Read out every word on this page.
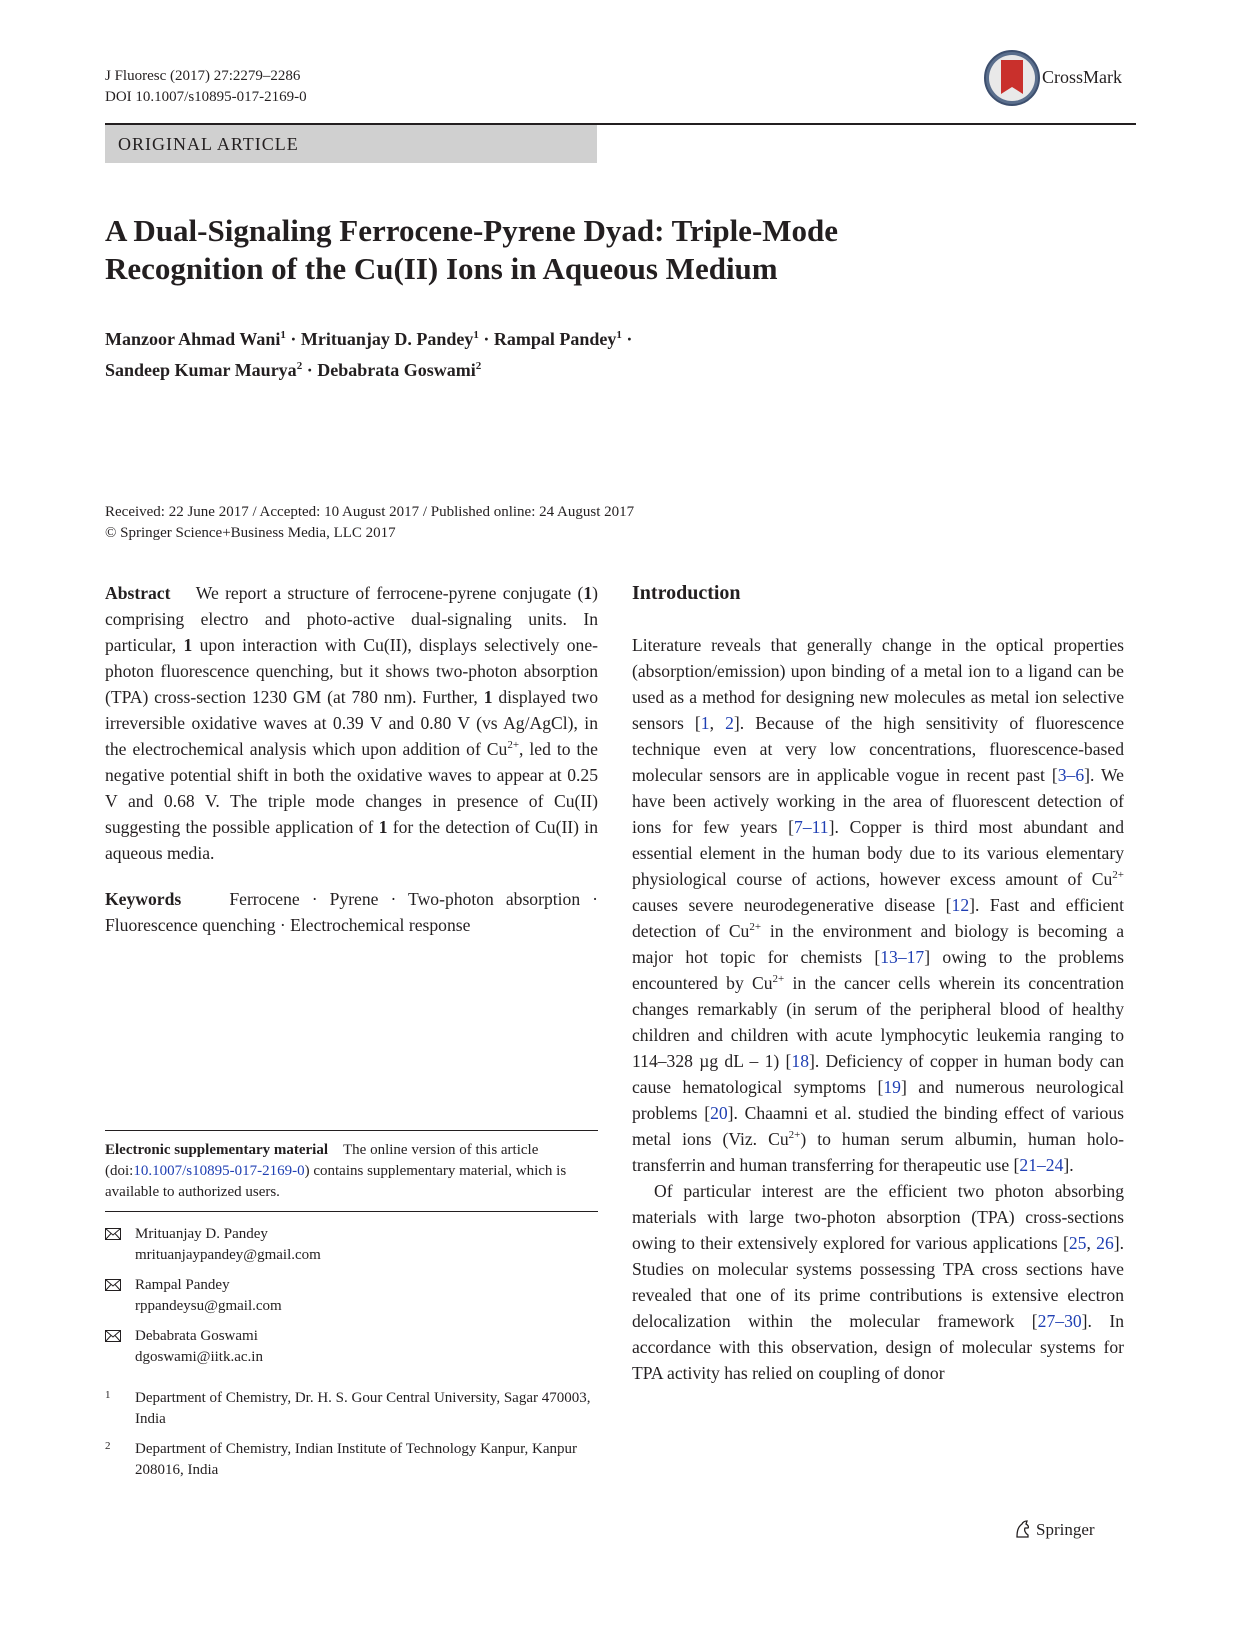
J Fluoresc (2017) 27:2279–2286
DOI 10.1007/s10895-017-2169-0
CrossMark
ORIGINAL ARTICLE
A Dual-Signaling Ferrocene-Pyrene Dyad: Triple-Mode
Recognition of the Cu(II) Ions in Aqueous Medium
Manzoor Ahmad Wani$^1$ · Mrituanjay D. Pandey$^1$ · Rampal Pandey$^1$ ·
Sandeep Kumar Maurya$^2$ · Debabrata Goswami$^2$
Received: 22 June 2017 / Accepted: 10 August 2017 / Published online: 24 August 2017
© Springer Science+Business Media, LLC 2017

Abstract We report a structure of ferrocene-pyrene conjugate (1) comprising electro and photo-active dual-signaling units. In particular, 1 upon interaction with Cu(II), displays selectively one-photon fluorescence quenching, but it shows two-photon absorption (TPA) cross-section 1230 GM (at 780 nm). Further, 1 displayed two irreversible oxidative waves at 0.39 V and 0.80 V (vs Ag/AgCl), in the electrochemical analysis which upon addition of $Cu^{2+}$, led to the negative potential shift in both the oxidative waves to appear at 0.25 V and 0.68 V. The triple mode changes in presence of Cu(II) suggesting the possible application of 1 for the detection of Cu(II) in aqueous media.

Keywords	Ferrocene · Pyrene · Two-photon absorption · Fluorescence quenching · Electrochemical response

Electronic supplementary material The online version of this article (doi:10.1007/s10895-017-2169-0) contains supplementary material, which is available to authorized users.
Mrituanjay D. Pandey
mrituanjaypandey@gmail.com
Rampal Pandey
rppandeysu@gmail.com
Debabrata Goswami
dgoswami@iitk.ac.in
1 Department of Chemistry, Dr. H. S. Gour Central University, Sagar 470003, India
2 Department of Chemistry, Indian Institute of Technology Kanpur, Kanpur 208016, India
Introduction

Literature reveals that generally change in the optical properties (absorption/emission) upon binding of a metal ion to a ligand can be used as a method for designing new molecules as metal ion selective sensors [1, 2]. Because of the high sensitivity of fluorescence technique even at very low concentrations, fluorescence-based molecular sensors are in applicable vogue in recent past [3–6]. We have been actively working in the area of fluorescent detection of ions for few years [7–11]. Copper is third most abundant and essential element in the human body due to its various elementary physiological course of actions, however excess amount of $Cu^{2+}$ causes severe neurodegenerative disease [12]. Fast and efficient detection of $Cu^{2+}$ in the environment and biology is becoming a major hot topic for chemists [13–17] owing to the problems encountered by $Cu^{2+}$ in the cancer cells wherein its concentration changes remarkably (in serum of the peripheral blood of healthy children and children with acute lymphocytic leukemia ranging to 114–328 µg dL – 1) [18]. Deficiency of copper in human body can cause hematological symptoms [19] and numerous neurological problems [20]. Chaamni et al. studied the binding effect of various metal ions (Viz. $Cu^{2+}$) to human serum albumin, human holo-transferrin and human transferring for therapeutic use [21–24].

Of particular interest are the efficient two photon absorbing materials with large two-photon absorption (TPA) cross-sections owing to their extensively explored for various applications [25, 26]. Studies on molecular systems possessing TPA cross sections have revealed that one of its prime contributions is extensive electron delocalization within the molecular framework [27–30]. In accordance with this observation, design of molecular systems for TPA activity has relied on coupling of donor

Springer
